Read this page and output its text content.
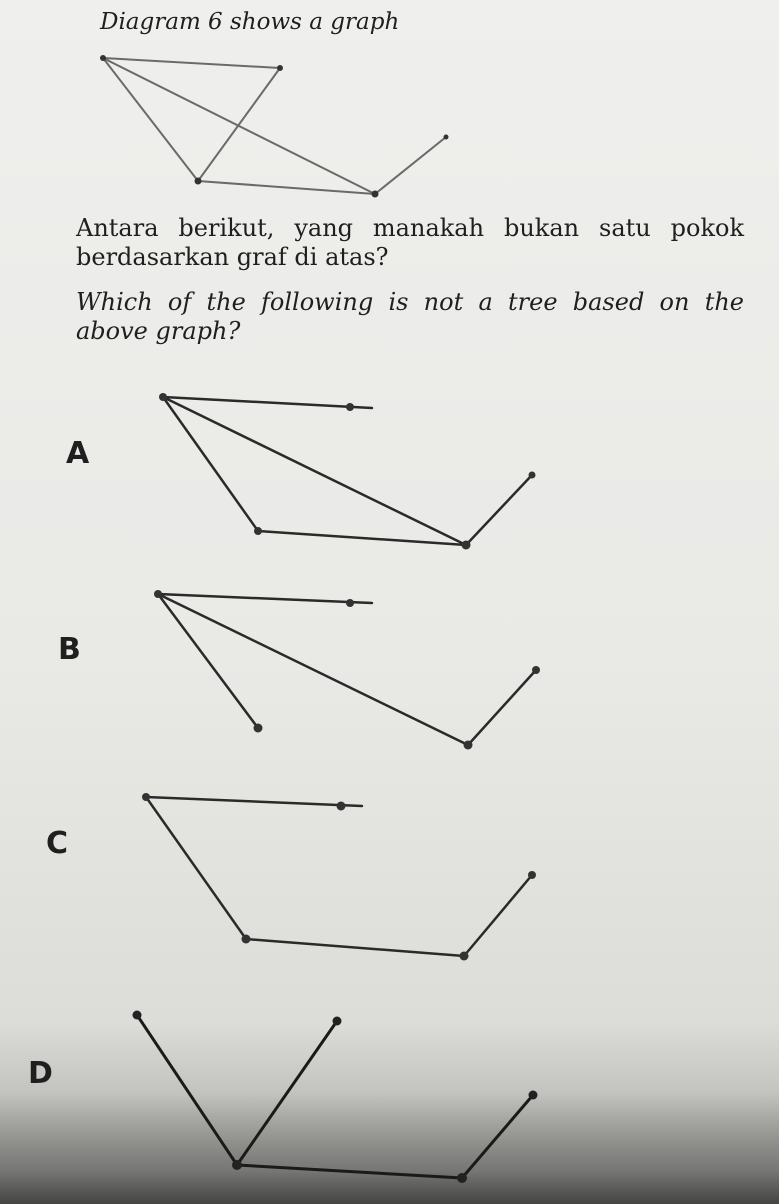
Diagram 6 shows a graph
Antara berikut, yang manakah bukan satu pokok berdasarkan graf di atas?
Which of the following is not a tree based on the above graph?
A
B
C
D
